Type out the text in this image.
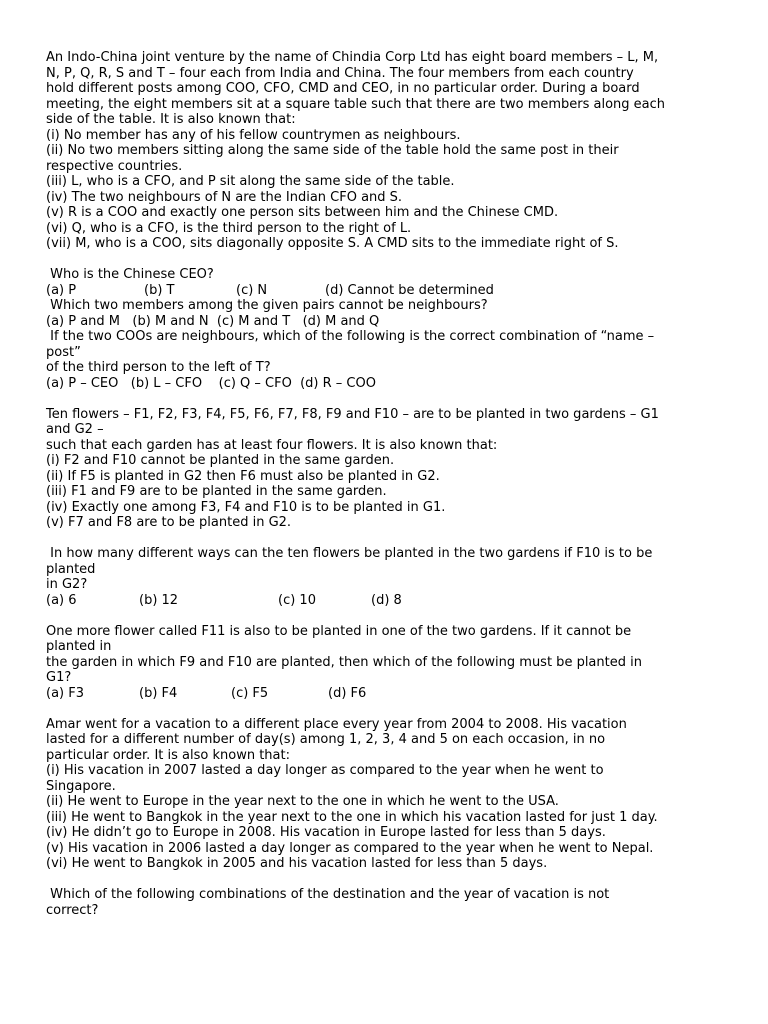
An Indo-China joint venture by the name of Chindia Corp Ltd has eight board members – L, M,
N, P, Q, R, S and T – four each from India and China. The four members from each country
hold different posts among COO, CFO, CMD and CEO, in no particular order. During a board
meeting, the eight members sit at a square table such that there are two members along each
side of the table. It is also known that:
(i) No member has any of his fellow countrymen as neighbours.
(ii) No two members sitting along the same side of the table hold the same post in their
respective countries.
(iii) L, who is a CFO, and P sit along the same side of the table.
(iv) The two neighbours of N are the Indian CFO and S.
(v) R is a COO and exactly one person sits between him and the Chinese CMD.
(vi) Q, who is a CFO, is the third person to the right of L.
(vii) M, who is a COO, sits diagonally opposite S. A CMD sits to the immediate right of S.
Who is the Chinese CEO?
(a) P	(b) T	(c) N	(d) Cannot be determined
Which two members among the given pairs cannot be neighbours?
(a) P and M   (b) M and N  (c) M and T   (d) M and Q
If the two COOs are neighbours, which of the following is the correct combination of “name –
post”
of the third person to the left of T?
(a) P – CEO   (b) L – CFO    (c) Q – CFO  (d) R – COO
Ten flowers – F1, F2, F3, F4, F5, F6, F7, F8, F9 and F10 – are to be planted in two gardens – G1
and G2 –
such that each garden has at least four flowers. It is also known that:
(i) F2 and F10 cannot be planted in the same garden.
(ii) If F5 is planted in G2 then F6 must also be planted in G2.
(iii) F1 and F9 are to be planted in the same garden.
(iv) Exactly one among F3, F4 and F10 is to be planted in G1.
(v) F7 and F8 are to be planted in G2.
In how many different ways can the ten flowers be planted in the two gardens if F10 is to be
planted
in G2?
(a) 6	(b) 12	(c) 10	(d) 8
One more flower called F11 is also to be planted in one of the two gardens. If it cannot be
planted in
the garden in which F9 and F10 are planted, then which of the following must be planted in
G1?
(a) F3	(b) F4	(c) F5	(d) F6
Amar went for a vacation to a different place every year from 2004 to 2008. His vacation
lasted for a different number of day(s) among 1, 2, 3, 4 and 5 on each occasion, in no
particular order. It is also known that:
(i) His vacation in 2007 lasted a day longer as compared to the year when he went to
Singapore.
(ii) He went to Europe in the year next to the one in which he went to the USA.
(iii) He went to Bangkok in the year next to the one in which his vacation lasted for just 1 day.
(iv) He didn’t go to Europe in 2008. His vacation in Europe lasted for less than 5 days.
(v) His vacation in 2006 lasted a day longer as compared to the year when he went to Nepal.
(vi) He went to Bangkok in 2005 and his vacation lasted for less than 5 days.
Which of the following combinations of the destination and the year of vacation is not
correct?
